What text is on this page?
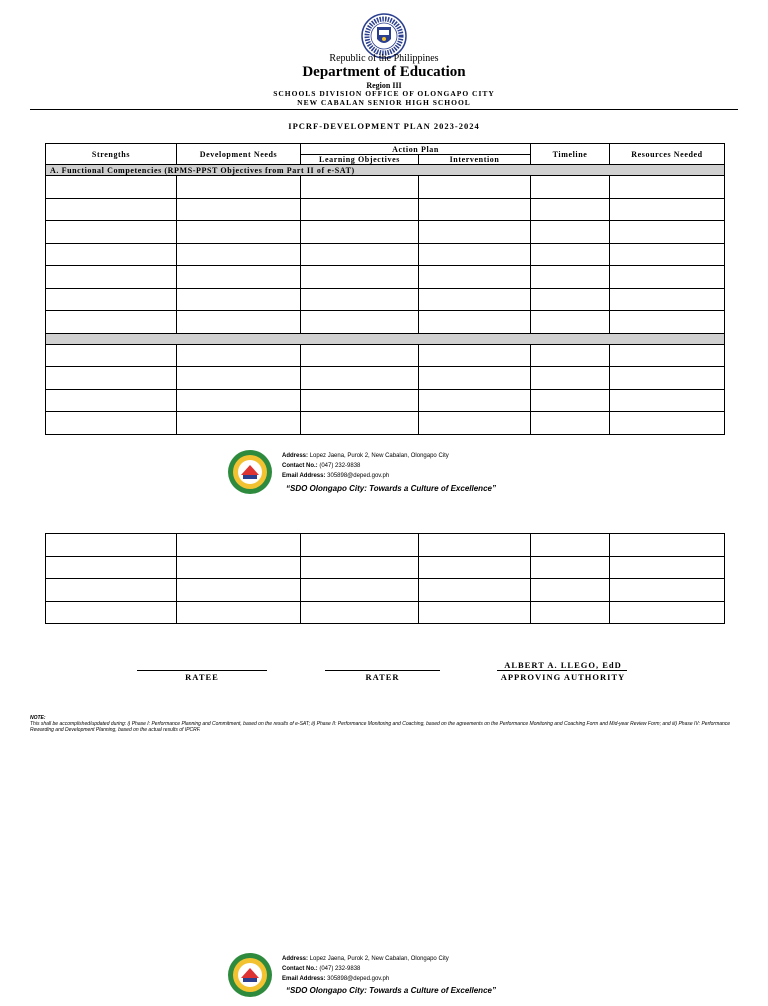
Republic of the Philippines
Department of Education
Region III
SCHOOLS DIVISION OFFICE OF OLONGAPO CITY
NEW CABALAN SENIOR HIGH SCHOOL
IPCRF-DEVELOPMENT PLAN 2023-2024
Strengths	Development Needs	Action Plan		Timeline	Resources Needed
		Learning Objectives	Intervention		
A. Functional Competencies (RPMS-PPST Objectives from Part II of e-SAT)					

Address: Lopez Jaena, Purok 2, New Cabalan, Olongapo City
Contact No.: (047) 232-9838
Email Address: 305898@deped.gov.ph
“SDO Olongapo City: Towards a Culture of Excellence”

RATEE	RATER
ALBERT A. LLEGO, EdD
APPROVING AUTHORITY
NOTE:
This shall be accomplished/updated during: i) Phase I: Performance Planning and Commitment, based on the results of e-SAT; ii) Phase II: Performance Monitoring and Coaching, based on the agreements on the Performance Monitoring and Coaching Form and Mid-year Review Form; and iii) Phase IV: Performance Rewarding and Development Planning, based on the actual results of IPCRF.
Address: Lopez Jaena, Purok 2, New Cabalan, Olongapo City
Contact No.: (047) 232-9838
Email Address: 305898@deped.gov.ph
“SDO Olongapo City: Towards a Culture of Excellence”
